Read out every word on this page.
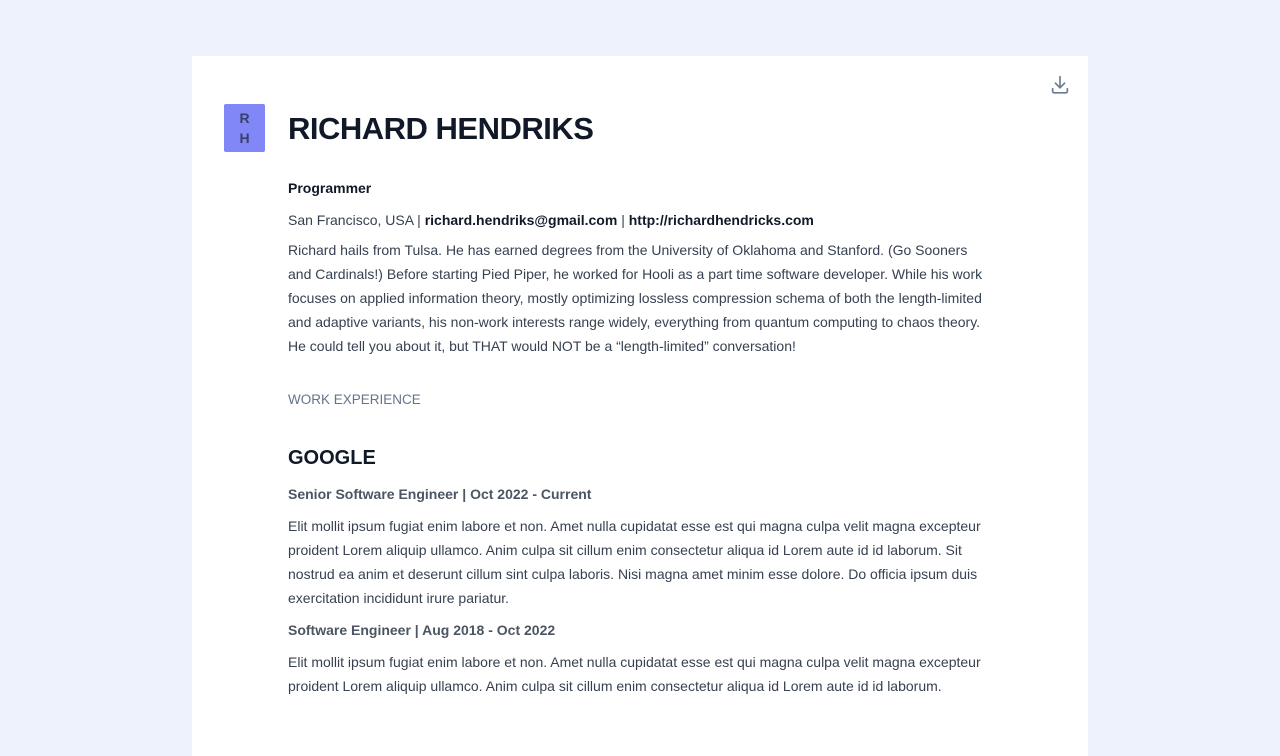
R
H RICHARD HENDRIKS
Programmer
San Francisco, USA | richard.hendriks@gmail.com | http://richardhendricks.com
Richard hails from Tulsa. He has earned degrees from the University of Oklahoma and Stanford. (Go Sooners and Cardinals!) Before starting Pied Piper, he worked for Hooli as a part time software developer. While his work focuses on applied information theory, mostly optimizing lossless compression schema of both the length-limited and adaptive variants, his non-work interests range widely, everything from quantum computing to chaos theory. He could tell you about it, but THAT would NOT be a “length-limited” conversation!
WORK EXPERIENCE
GOOGLE
Senior Software Engineer | Oct 2022 - Current
Elit mollit ipsum fugiat enim labore et non. Amet nulla cupidatat esse est qui magna culpa velit magna excepteur proident Lorem aliquip ullamco. Anim culpa sit cillum enim consectetur aliqua id Lorem aute id id laborum. Sit nostrud ea anim et deserunt cillum sint culpa laboris. Nisi magna amet minim esse dolore. Do officia ipsum duis exercitation incididunt irure pariatur.
Software Engineer | Aug 2018 - Oct 2022
Elit mollit ipsum fugiat enim labore et non. Amet nulla cupidatat esse est qui magna culpa velit magna excepteur proident Lorem aliquip ullamco. Anim culpa sit cillum enim consectetur aliqua id Lorem aute id id laborum.
